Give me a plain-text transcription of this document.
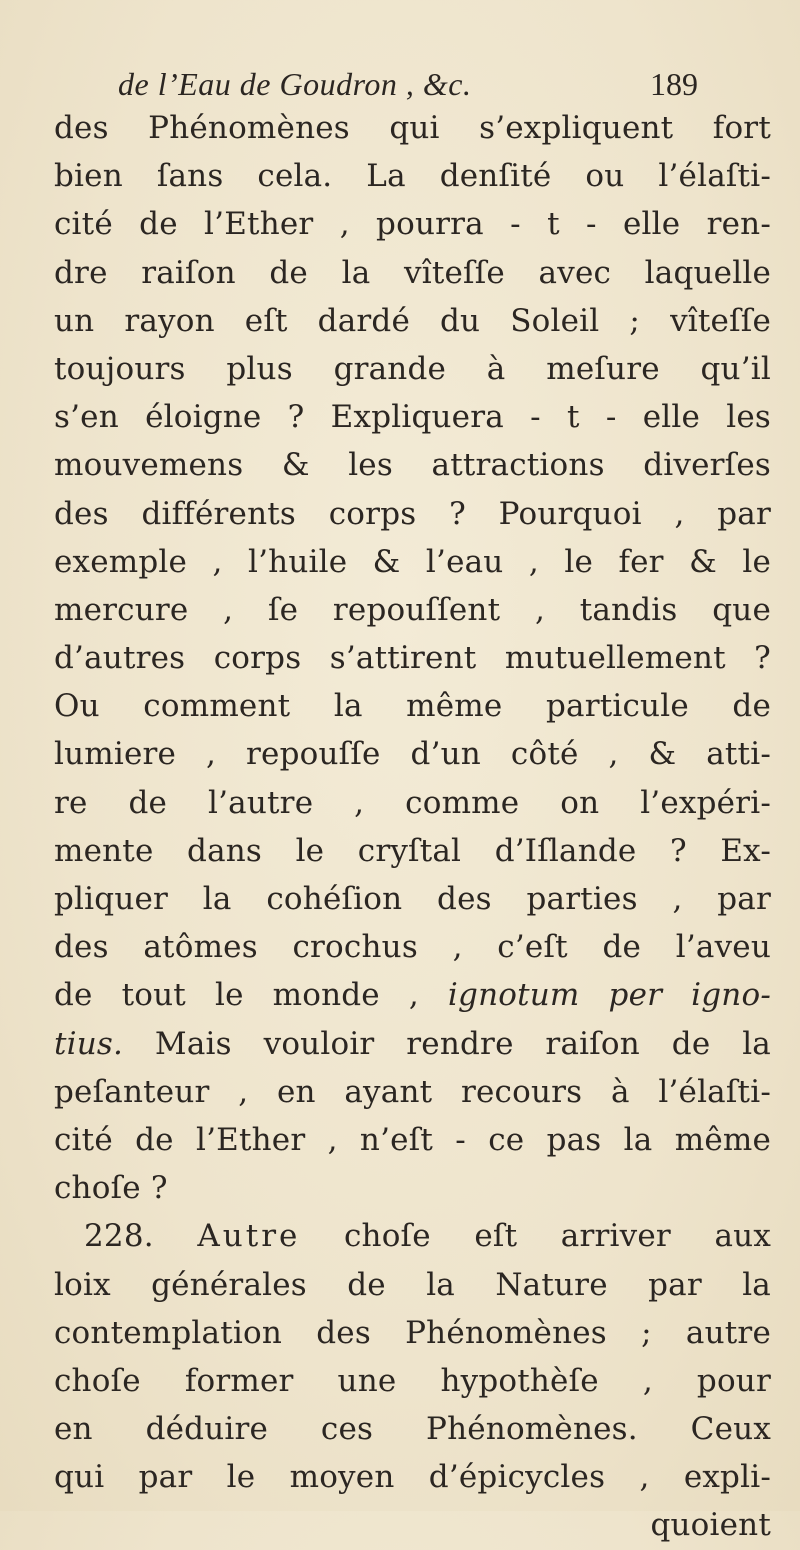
de l’Eau de Goudron , &c.	189
des Phénomènes qui s’expliquent fort
bien ſans cela. La denſité ou l’élaſti-
cité de l’Ether , pourra - t - elle ren-
dre raiſon de la vîteſſe avec laquelle
un rayon eſt dardé du Soleil ; vîteſſe
toujours plus grande à meſure qu’il
s’en éloigne ? Expliquera - t - elle les
mouvemens & les attractions diverſes
des différents corps ? Pourquoi , par
exemple , l’huile & l’eau , le fer & le
mercure , ſe repouſſent , tandis que
d’autres corps s’attirent mutuellement ?
Ou comment la même particule de
lumiere , repouſſe d’un côté , & atti-
re de l’autre , comme on l’expéri-
mente dans le cryſtal d’Iſlande ? Ex-
pliquer la cohéſion des parties , par
des atômes crochus , c’eſt de l’aveu
de tout le monde , ignotum per igno-
tius. Mais vouloir rendre raiſon de la
peſanteur , en ayant recours à l’élaſti-
cité de l’Ether , n’eſt - ce pas la même
choſe ?
228. Autre choſe eſt arriver aux
loix générales de la Nature par la
contemplation des Phénomènes ; autre
choſe former une hypothèſe , pour
en déduire ces Phénomènes. Ceux
qui par le moyen d’épicycles , expli-
quoient
